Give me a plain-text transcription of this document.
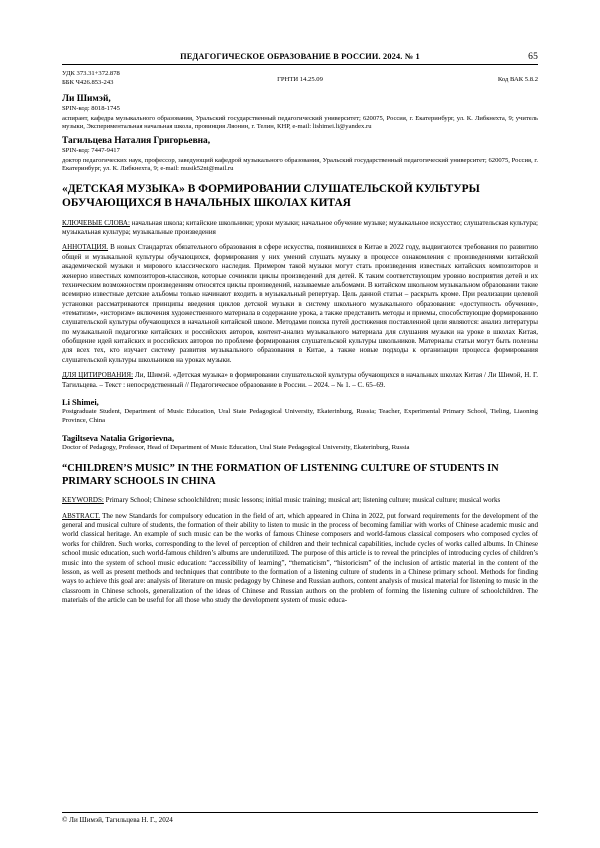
ПЕДАГОГИЧЕСКОЕ ОБРАЗОВАНИЕ В РОССИИ. 2024. № 1	65
УДК 373.31+372.878
ББК Ч426.853-243	ГРНТИ 14.25.09	Код ВАК 5.8.2
Ли Шимэй,
SPIN-код: 8018-1745
аспирант, кафедра музыкального образования, Уральский государственный педагогический университет; 620075, Россия, г. Екатеринбург, ул. К. Либкнехта, 9; учитель музыки, Экспериментальная начальная школа, провинция Ляонин, г. Телин, КНР, e-mail: lishimei.li@yandex.ru
Тагильцева Наталия Григорьевна,
SPIN-код: 7447-9417
доктор педагогических наук, профессор, заведующий кафедрой музыкального образования, Уральский государственный педагогический университет; 620075, Россия, г. Екатеринбург, ул. К. Либкнехта, 9; e-mail: musik52nt@mail.ru
«ДЕТСКАЯ МУЗЫКА» В ФОРМИРОВАНИИ СЛУШАТЕЛЬСКОЙ КУЛЬТУРЫ ОБУЧАЮЩИХСЯ В НАЧАЛЬНЫХ ШКОЛАХ КИТАЯ
КЛЮЧЕВЫЕ СЛОВА: начальная школа; китайские школьники; уроки музыки; начальное обучение музыке; музыкальное искусство; слушательская культура; музыкальная культура; музыкальные произведения
АННОТАЦИЯ. В новых Стандартах обязательного образования в сфере искусства, появившихся в Китае в 2022 году, выдвигаются требования по развитию общей и музыкальной культуры обучающихся, формирования у них умений слушать музыку в процессе ознакомления с произведениями китайской академической музыки и мирового классического наследия. Примером такой музыки могут стать произведения известных китайских композиторов и женерно известных композиторов-классиков, которые сочиняли циклы произведений для детей. К таким соответствующим уровню восприятия детей и их техническим возможностям произведениям относятся циклы произведений, называемые альбомами. В китайском школьном музыкальном образовании такие всемирно известные детские альбомы только начинают входить в музыкальный репертуар. Цель данной статьи – раскрыть кроме. При реализации целевой установки рассматриваются принципы введения циклов детской музыки в систему школьного музыкального образования: «доступность обучения», «тематизм», «историзм» включения художественного материала в содержание урока, а также представить методы и приемы, способствующие формированию слушательской культуры обучающихся в начальной китайской школе. Методами поиска путей достижения поставленной цели являются: анализ литературы по музыкальной педагогике китайских и российских авторов, контент-анализ музыкального материала для слушания музыки на уроке в школах Китая, обобщение идей китайских и российских авторов по проблеме формирования слушательской культуры школьников. Материалы статьи могут быть полезны для всех тех, кто изучает систему развития музыкального образования в Китае, а также новые подходы к организации процесса формирования слушательской культуры школьников на уроках музыки.
ДЛЯ ЦИТИРОВАНИЯ: Ли, Шимэй. «Детская музыка» в формировании слушательской культуры обучающихся в начальных школах Китая / Ли Шимэй, Н. Г. Тагильцева. – Текст : непосредственный // Педагогическое образование в России. – 2024. – № 1. – С. 65–69.
Li Shimei,
Postgraduate Student, Department of Music Education, Ural State Pedagogical University, Ekaterinburg, Russia; Teacher, Experimental Primary School, Tieling, Liaoning Province, China
Tagiltseva Natalia Grigorievna,
Doctor of Pedagogy, Professor, Head of Department of Music Education, Ural State Pedagogical University, Ekaterinburg, Russia
“CHILDREN’S MUSIC” IN THE FORMATION OF LISTENING CULTURE OF STUDENTS IN PRIMARY SCHOOLS IN CHINA
KEYWORDS: Primary School; Chinese schoolchildren; music lessons; initial music training; musical art; listening culture; musical culture; musical works
ABSTRACT. The new Standards for compulsory education in the field of art, which appeared in China in 2022, put forward requirements for the development of the general and musical culture of students, the formation of their ability to listen to music in the process of becoming familiar with works of Chinese academic music and world classical heritage. An example of such music can be the works of famous Chinese composers and world-famous classical composers who composed cycles of works for children. Such works, corresponding to the level of perception of children and their technical capabilities, include cycles of works called albums. In Chinese school music education, such world-famous children’s albums are underutilized. The purpose of this article is to reveal the principles of introducing cycles of children’s music into the system of school music education: “accessibility of learning”, “thematicism”, “historicism” of the inclusion of artistic material in the content of the lesson, as well as present methods and techniques that contribute to the formation of a listening culture of students in a Chinese primary school. Methods for finding ways to achieve this goal are: analysis of literature on music pedagogy by Chinese and Russian authors, content analysis of musical material for listening to music in the classroom in Chinese schools, generalization of the ideas of Chinese and Russian authors on the problem of forming the listening culture of schoolchildren. The materials of the article can be useful for all those who study the development system of music educa-
© Ли Шимэй, Тагильцева Н. Г., 2024
